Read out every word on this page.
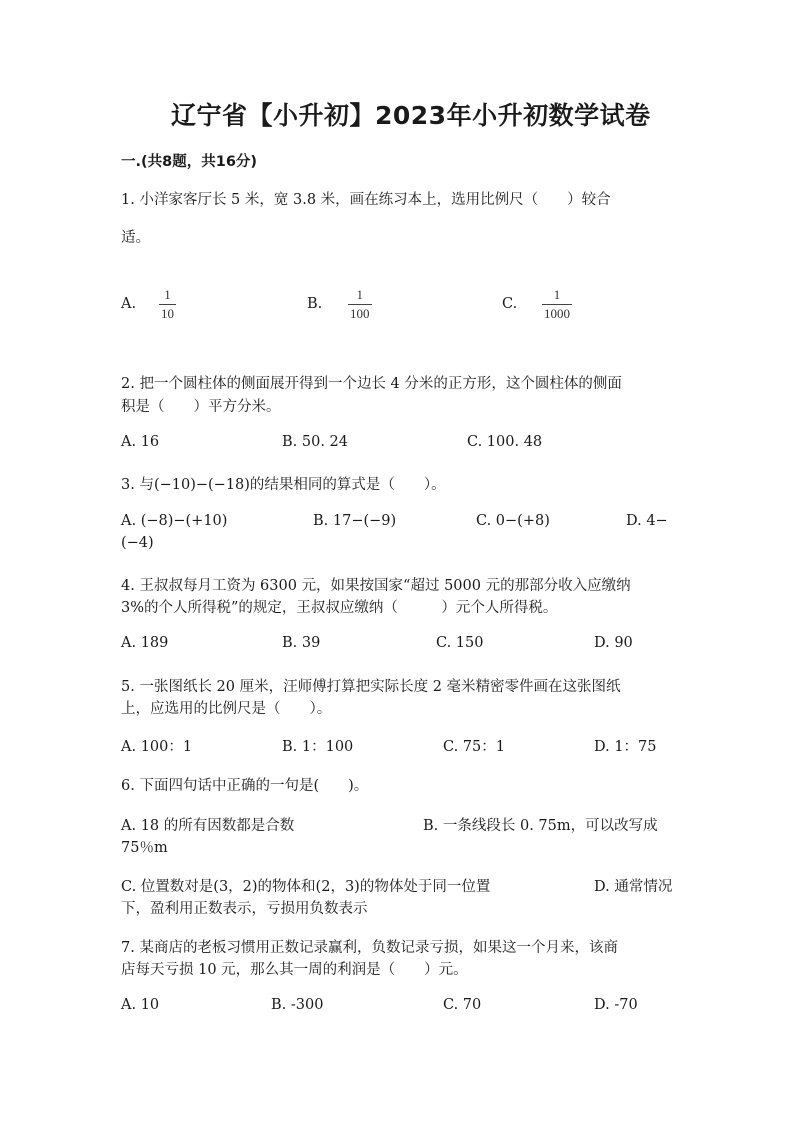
辽宁省【小升初】2023年小升初数学试卷
一.(共8题，共16分)
1. 小洋家客厅长 5 米，宽 3.8 米，画在练习本上，选用比例尺（　　）较合
适。
A.
1
10
B.
1
100
C.
1
1000
2. 把一个圆柱体的侧面展开得到一个边长 4 分米的正方形，这个圆柱体的侧面
积是（　　）平方分米。
A. 16	B. 50. 24	C. 100. 48
3. 与(−10)−(−18)的结果相同的算式是（　　）。
A. (−8)−(+10)	B. 17−(−9)	C. 0−(+8)	D. 4−
(−4)
4. 王叔叔每月工资为 6300 元，如果按国家“超过 5000 元的那部分收入应缴纳
3%的个人所得税”的规定，王叔叔应缴纳（　　　）元个人所得税。
A. 189	B. 39	C. 150	D. 90
5. 一张图纸长 20 厘米，汪师傅打算把实际长度 2 毫米精密零件画在这张图纸
上，应选用的比例尺是（　　）。
A. 100：1	B. 1：100	C. 75：1	D. 1：75
6. 下面四句话中正确的一句是(　　)。
A. 18 的所有因数都是合数	B. 一条线段长 0. 75m，可以改写成
75％m
C. 位置数对是(3，2)的物体和(2，3)的物体处于同一位置	D. 通常情况
下，盈利用正数表示，亏损用负数表示
7. 某商店的老板习惯用正数记录赢利，负数记录亏损，如果这一个月来，该商
店每天亏损 10 元，那么其一周的利润是（　　）元。
A. 10	B. -300	C. 70	D. -70
